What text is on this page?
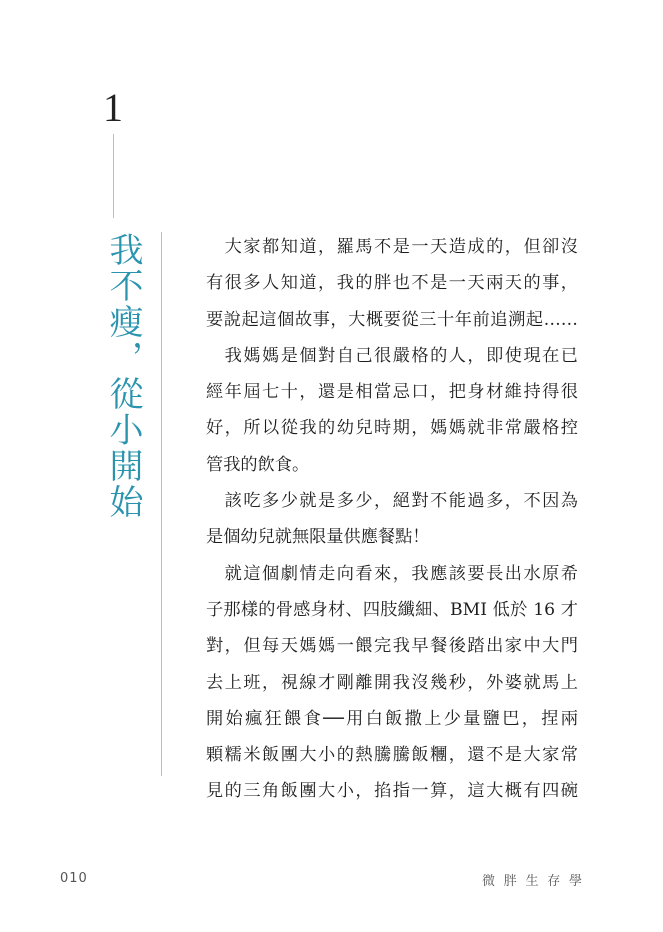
1
我不瘦，從小開始	　大家都知道，羅馬不是一天造成的，但卻沒
有很多人知道，我的胖也不是一天兩天的事，
要說起這個故事，大概要從三十年前追溯起……
　我媽媽是個對自己很嚴格的人，即使現在已
經年屆七十，還是相當忌口，把身材維持得很
好，所以從我的幼兒時期，媽媽就非常嚴格控
管我的飲食。
　該吃多少就是多少，絕對不能過多，不因為
是個幼兒就無限量供應餐點！
　就這個劇情走向看來，我應該要長出水原希
子那樣的骨感身材、四肢纖細、BMI 低於 16 才
對，但每天媽媽一餵完我早餐後踏出家中大門
去上班，視線才剛離開我沒幾秒，外婆就馬上
開始瘋狂餵食──用白飯撒上少量鹽巴，捏兩
顆糯米飯團大小的熱騰騰飯糰，還不是大家常
見的三角飯團大小，掐指一算，這大概有四碗
010	微胖生存學
